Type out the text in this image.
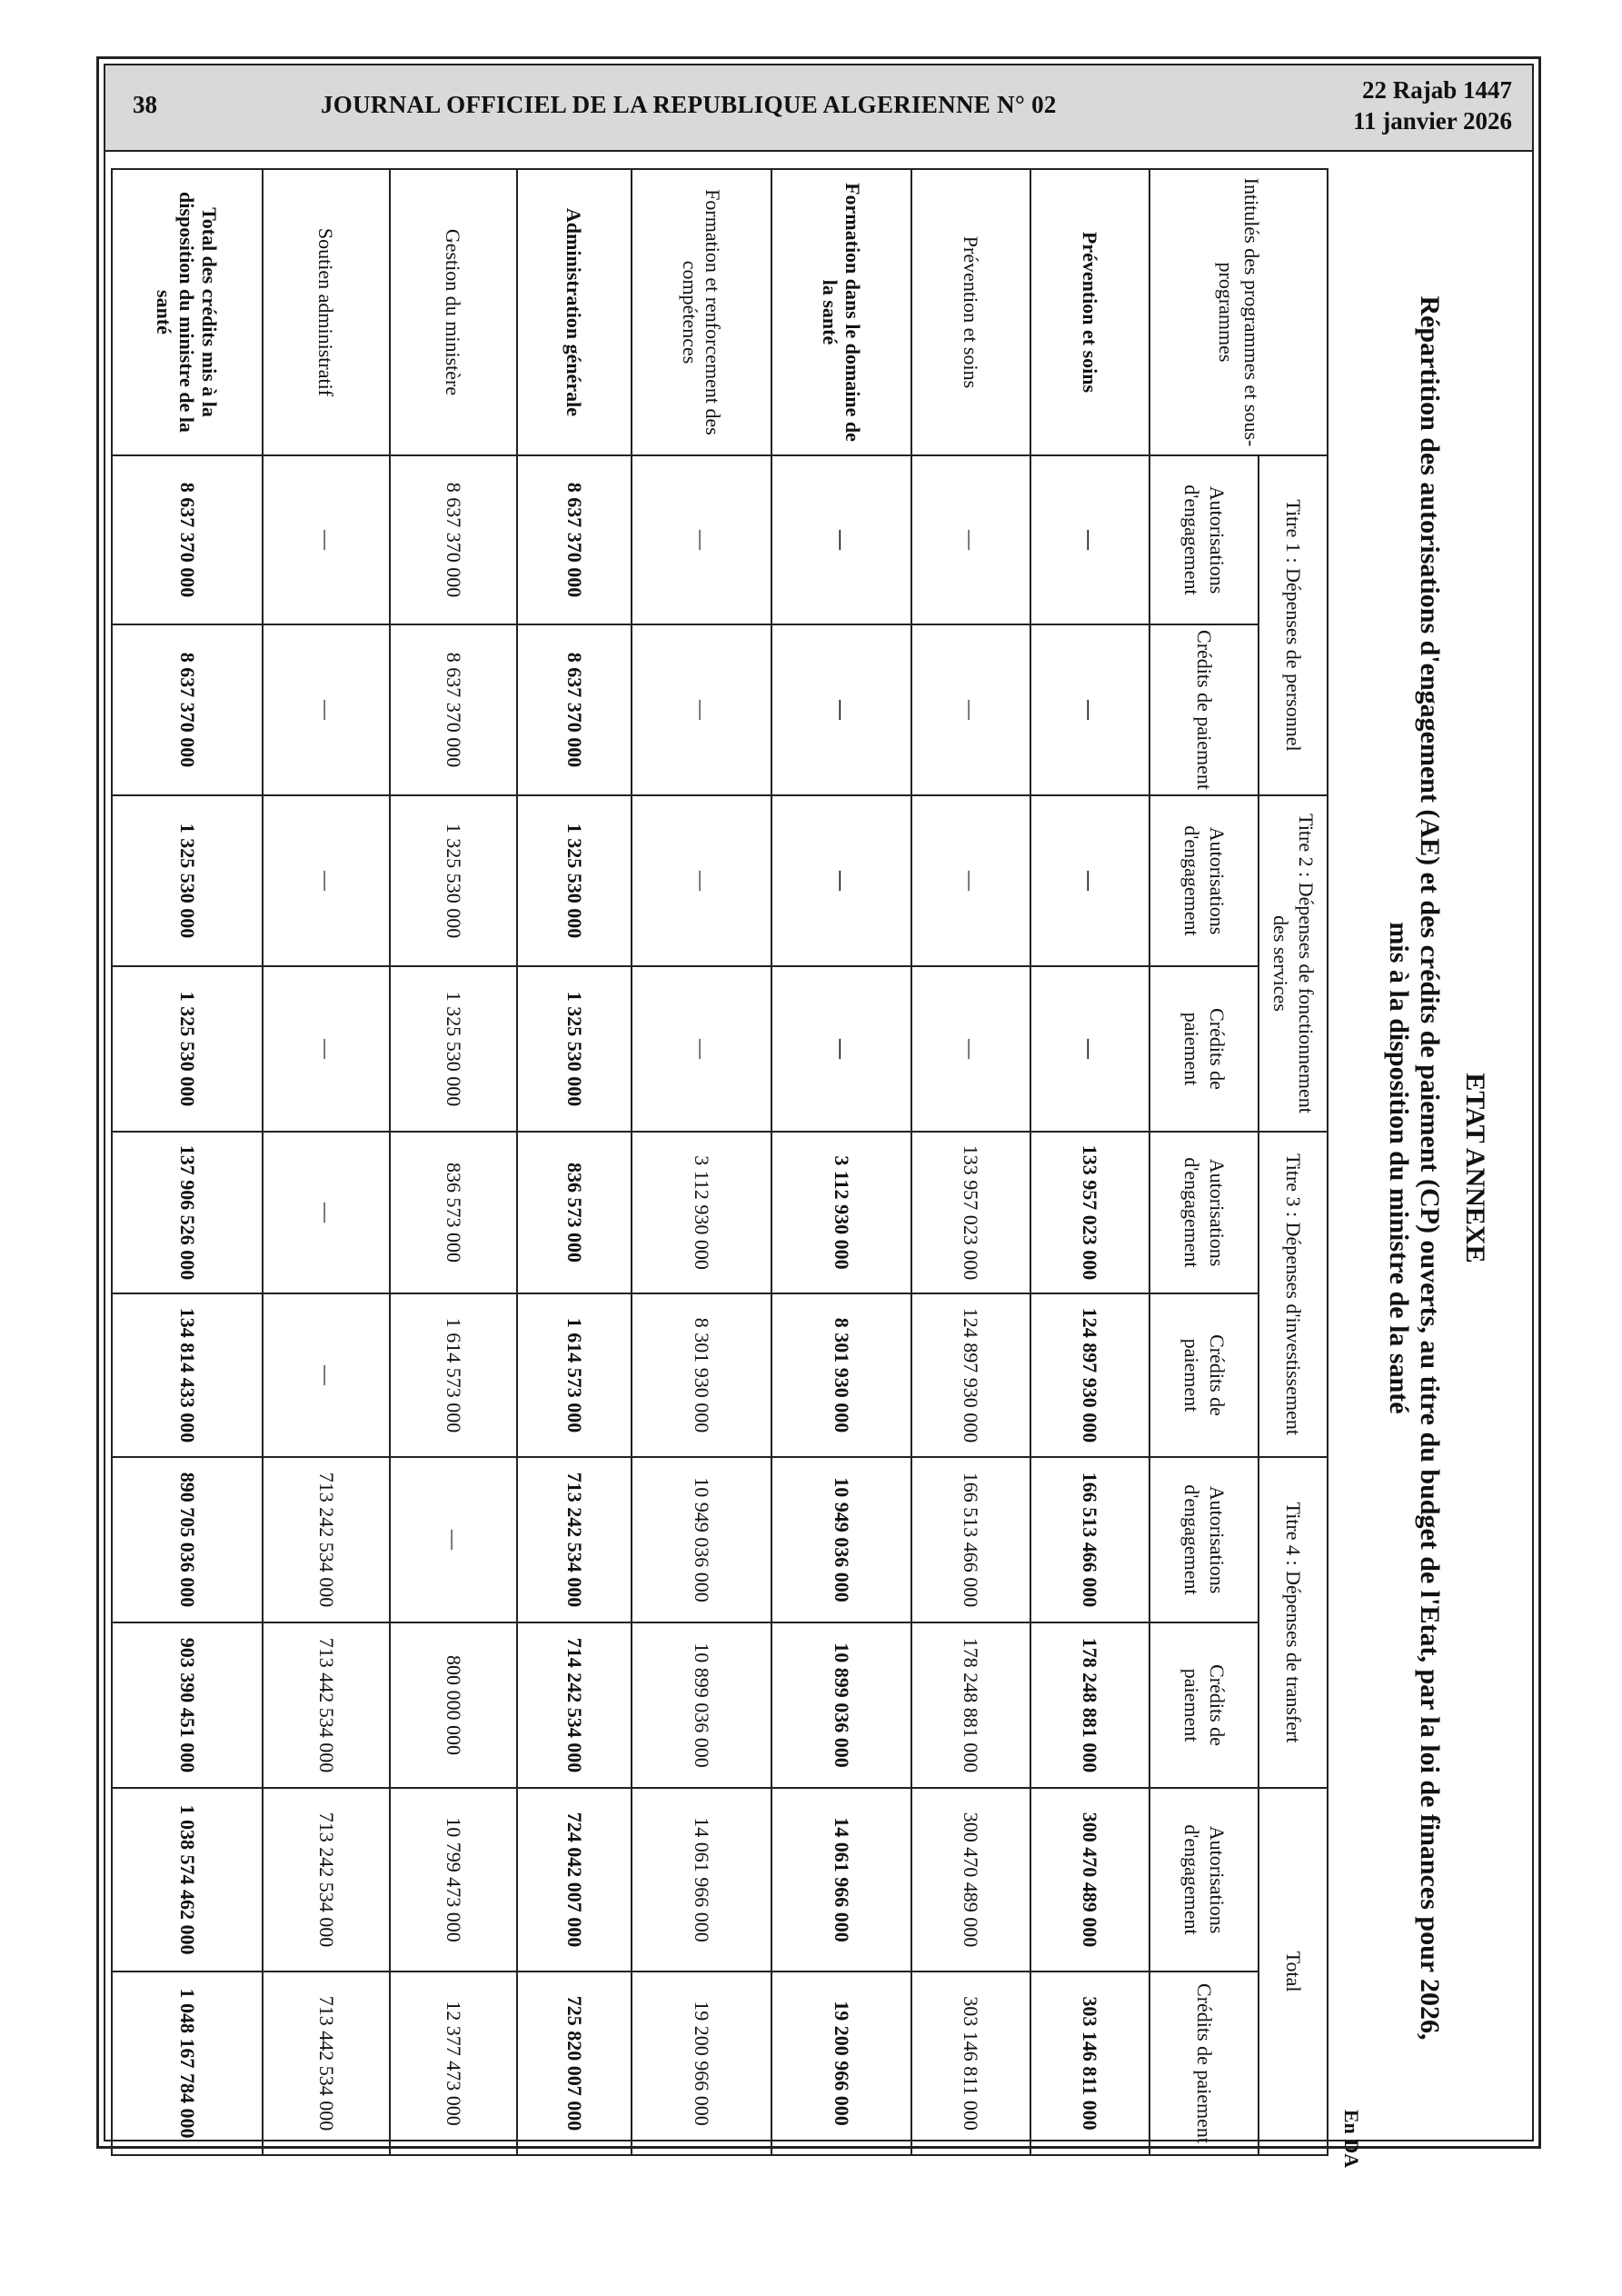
38	JOURNAL OFFICIEL DE LA REPUBLIQUE ALGERIENNE N° 02
22 Rajab 1447
11 janvier 2026
ETAT ANNEXE
Répartition des autorisations d'engagement (AE) et des crédits de paiement (CP) ouverts, au titre du budget de l'Etat, par la loi de finances pour 2026,
mis à la disposition du ministre de la santé
En DA
Intitulés des programmes et sous-programmes	Titre 1 : Dépenses de personnel		Titre 2 : Dépenses de fonctionnement des services		Titre 3 : Dépenses d'investissement		Titre 4 : Dépenses de transfert		Total	
	Autorisations d'engagement	Crédits de paiement	Autorisations d'engagement	Crédits de paiement	Autorisations d'engagement	Crédits de paiement	Autorisations d'engagement	Crédits de paiement	Autorisations d'engagement	Crédits de paiement
Prévention et soins	—	—	—	—	133 957 023 000	124 897 930 000	166 513 466 000	178 248 881 000	300 470 489 000	303 146 811 000
Prévention et soins	—	—	—	—	133 957 023 000	124 897 930 000	166 513 466 000	178 248 881 000	300 470 489 000	303 146 811 000
Formation dans le domaine de la santé	—	—	—	—	3 112 930 000	8 301 930 000	10 949 036 000	10 899 036 000	14 061 966 000	19 200 966 000
Formation et renforcement des compétences	—	—	—	—	3 112 930 000	8 301 930 000	10 949 036 000	10 899 036 000	14 061 966 000	19 200 966 000
Administration générale	8 637 370 000	8 637 370 000	1 325 530 000	1 325 530 000	836 573 000	1 614 573 000	713 242 534 000	714 242 534 000	724 042 007 000	725 820 007 000
Gestion du ministère	8 637 370 000	8 637 370 000	1 325 530 000	1 325 530 000	836 573 000	1 614 573 000	—	800 000 000	10 799 473 000	12 377 473 000
Soutien administratif	—	—	—	—	—	—	713 242 534 000	713 442 534 000	713 242 534 000	713 442 534 000
Total des crédits mis à la disposition du ministre de la santé	8 637 370 000	8 637 370 000	1 325 530 000	1 325 530 000	137 906 526 000	134 814 433 000	890 705 036 000	903 390 451 000	1 038 574 462 000	1 048 167 784 000
